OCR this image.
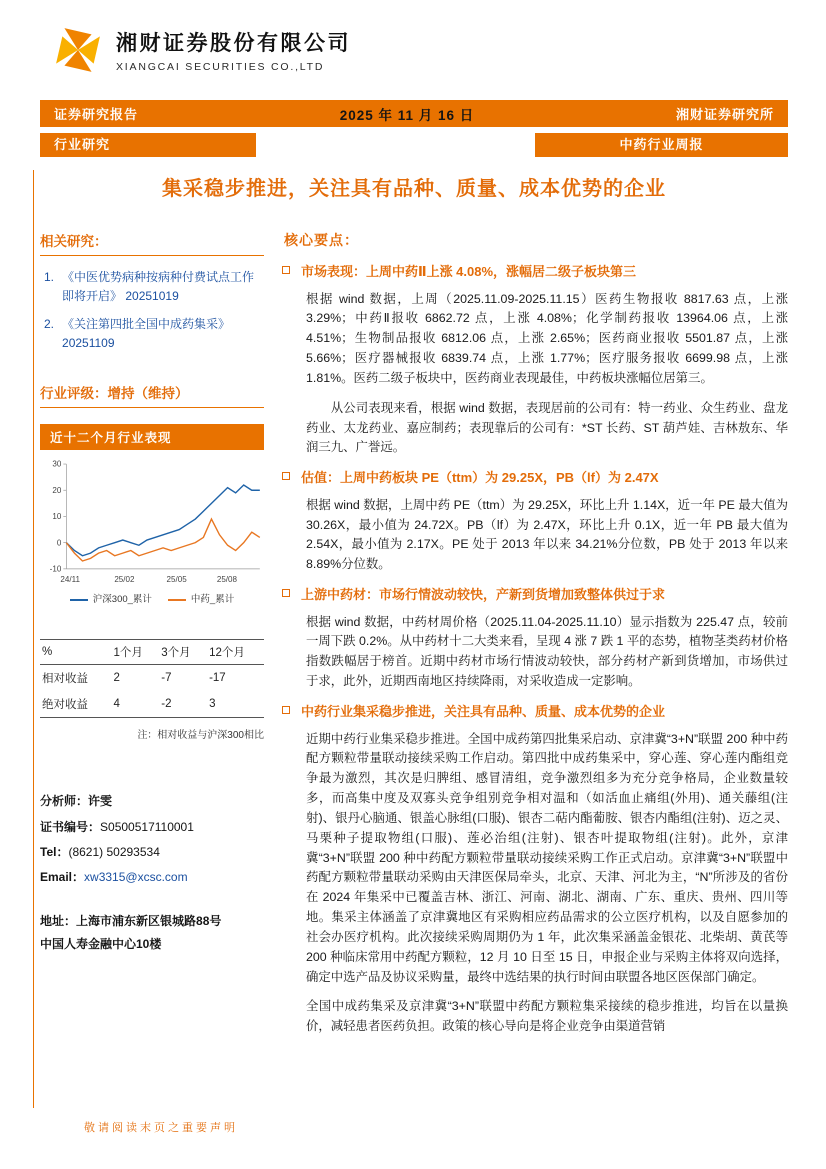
湘财证券股份有限公司
XIANGCAI SECURITIES CO.,LTD
证券研究报告	2025 年 11 月 16 日	湘财证券研究所
行业研究	中药行业周报
集采稳步推进，关注具有品种、质量、成本优势的企业
相关研究：
1. 《中医优势病种按病种付费试点工作即将开启》 20251019
2. 《关注第四批全国中成药集采》 20251109
行业评级：增持（维持）
近十二个月行业表现
30
20
10
0
-10
24/11	25/02	25/05	25/08
沪深300_累计	中药_累计
%	1个月	3个月	12个月
相对收益	2	-7	-17
绝对收益	4	-2	3
注：相对收益与沪深300相比
分析师：许雯
证书编号：S0500517110001
Tel：(8621) 50293534
Email：xw3315@xcsc.com
地址：上海市浦东新区银城路88号
中国人寿金融中心10楼
核心要点：
市场表现：上周中药Ⅱ上涨 4.08%，涨幅居二级子板块第三

根据 wind 数据，上周（2025.11.09-2025.11.15）医药生物报收 8817.63 点，上涨 3.29%；中药Ⅱ报收 6862.72 点，上涨 4.08%；化学制药报收 13964.06 点，上涨 4.51%；生物制品报收 6812.06 点，上涨 2.65%；医药商业报收 5501.87 点，上涨 5.66%；医疗器械报收 6839.74 点，上涨 1.77%；医疗服务报收 6699.98 点，上涨 1.81%。医药二级子板块中，医药商业表现最佳，中药板块涨幅位居第三。

从公司表现来看，根据 wind 数据，表现居前的公司有：特一药业、众生药业、盘龙药业、太龙药业、嘉应制药；表现靠后的公司有：*ST 长药、ST 葫芦娃、吉林敖东、华润三九、广誉远。

估值：上周中药板块 PE（ttm）为 29.25X，PB（lf）为 2.47X

根据 wind 数据，上周中药 PE（ttm）为 29.25X，环比上升 1.14X，近一年 PE 最大值为 30.26X，最小值为 24.72X。PB（lf）为 2.47X，环比上升 0.1X，近一年 PB 最大值为 2.54X，最小值为 2.17X。PE 处于 2013 年以来 34.21%分位数，PB 处于 2013 年以来 8.89%分位数。

上游中药材：市场行情波动较快，产新到货增加致整体供过于求

根据 wind 数据，中药材周价格（2025.11.04-2025.11.10）显示指数为 225.47 点，较前一周下跌 0.2%。从中药材十二大类来看，呈现 4 涨 7 跌 1 平的态势，植物茎类药材价格指数跌幅居于榜首。近期中药材市场行情波动较快，部分药材产新到货增加，市场供过于求，此外，近期西南地区持续降雨，对采收造成一定影响。

中药行业集采稳步推进，关注具有品种、质量、成本优势的企业

近期中药行业集采稳步推进。全国中成药第四批集采启动、京津冀“3+N”联盟 200 种中药配方颗粒带量联动接续采购工作启动。第四批中成药集采中，穿心莲、穿心莲内酯组竞争最为激烈，其次是归脾组、感冒清组，竞争激烈组多为充分竞争格局，企业数量较多，而高集中度及双寡头竞争组别竞争相对温和（如活血止痛组(外用)、通关藤组(注射)、银丹心脑通、银盖心脉组(口服)、银杏二萜内酯葡胺、银杏内酯组(注射)、迈之灵、马栗种子提取物组(口服)、莲必治组(注射)、银杏叶提取物组(注射)。此外，京津冀“3+N”联盟 200 种中药配方颗粒带量联动接续采购工作正式启动。京津冀“3+N”联盟中药配方颗粒带量联动采购由天津医保局牵头，北京、天津、河北为主，“N”所涉及的省份在 2024 年集采中已覆盖吉林、浙江、河南、湖北、湖南、广东、重庆、贵州、四川等地。集采主体涵盖了京津冀地区有采购相应药品需求的公立医疗机构，以及自愿参加的社会办医疗机构。此次接续采购周期仍为 1 年，此次集采涵盖金银花、北柴胡、黄芪等 200 种临床常用中药配方颗粒，12 月 10 日至 15 日，申报企业与采购主体将双向选择，确定中选产品及协议采购量，最终中选结果的执行时间由联盟各地区医保部门确定。

全国中成药集采及京津冀“3+N”联盟中药配方颗粒集采接续的稳步推进，均旨在以量换价，减轻患者医药负担。政策的核心导向是将企业竞争由渠道营销

敬请阅读末页之重要声明
